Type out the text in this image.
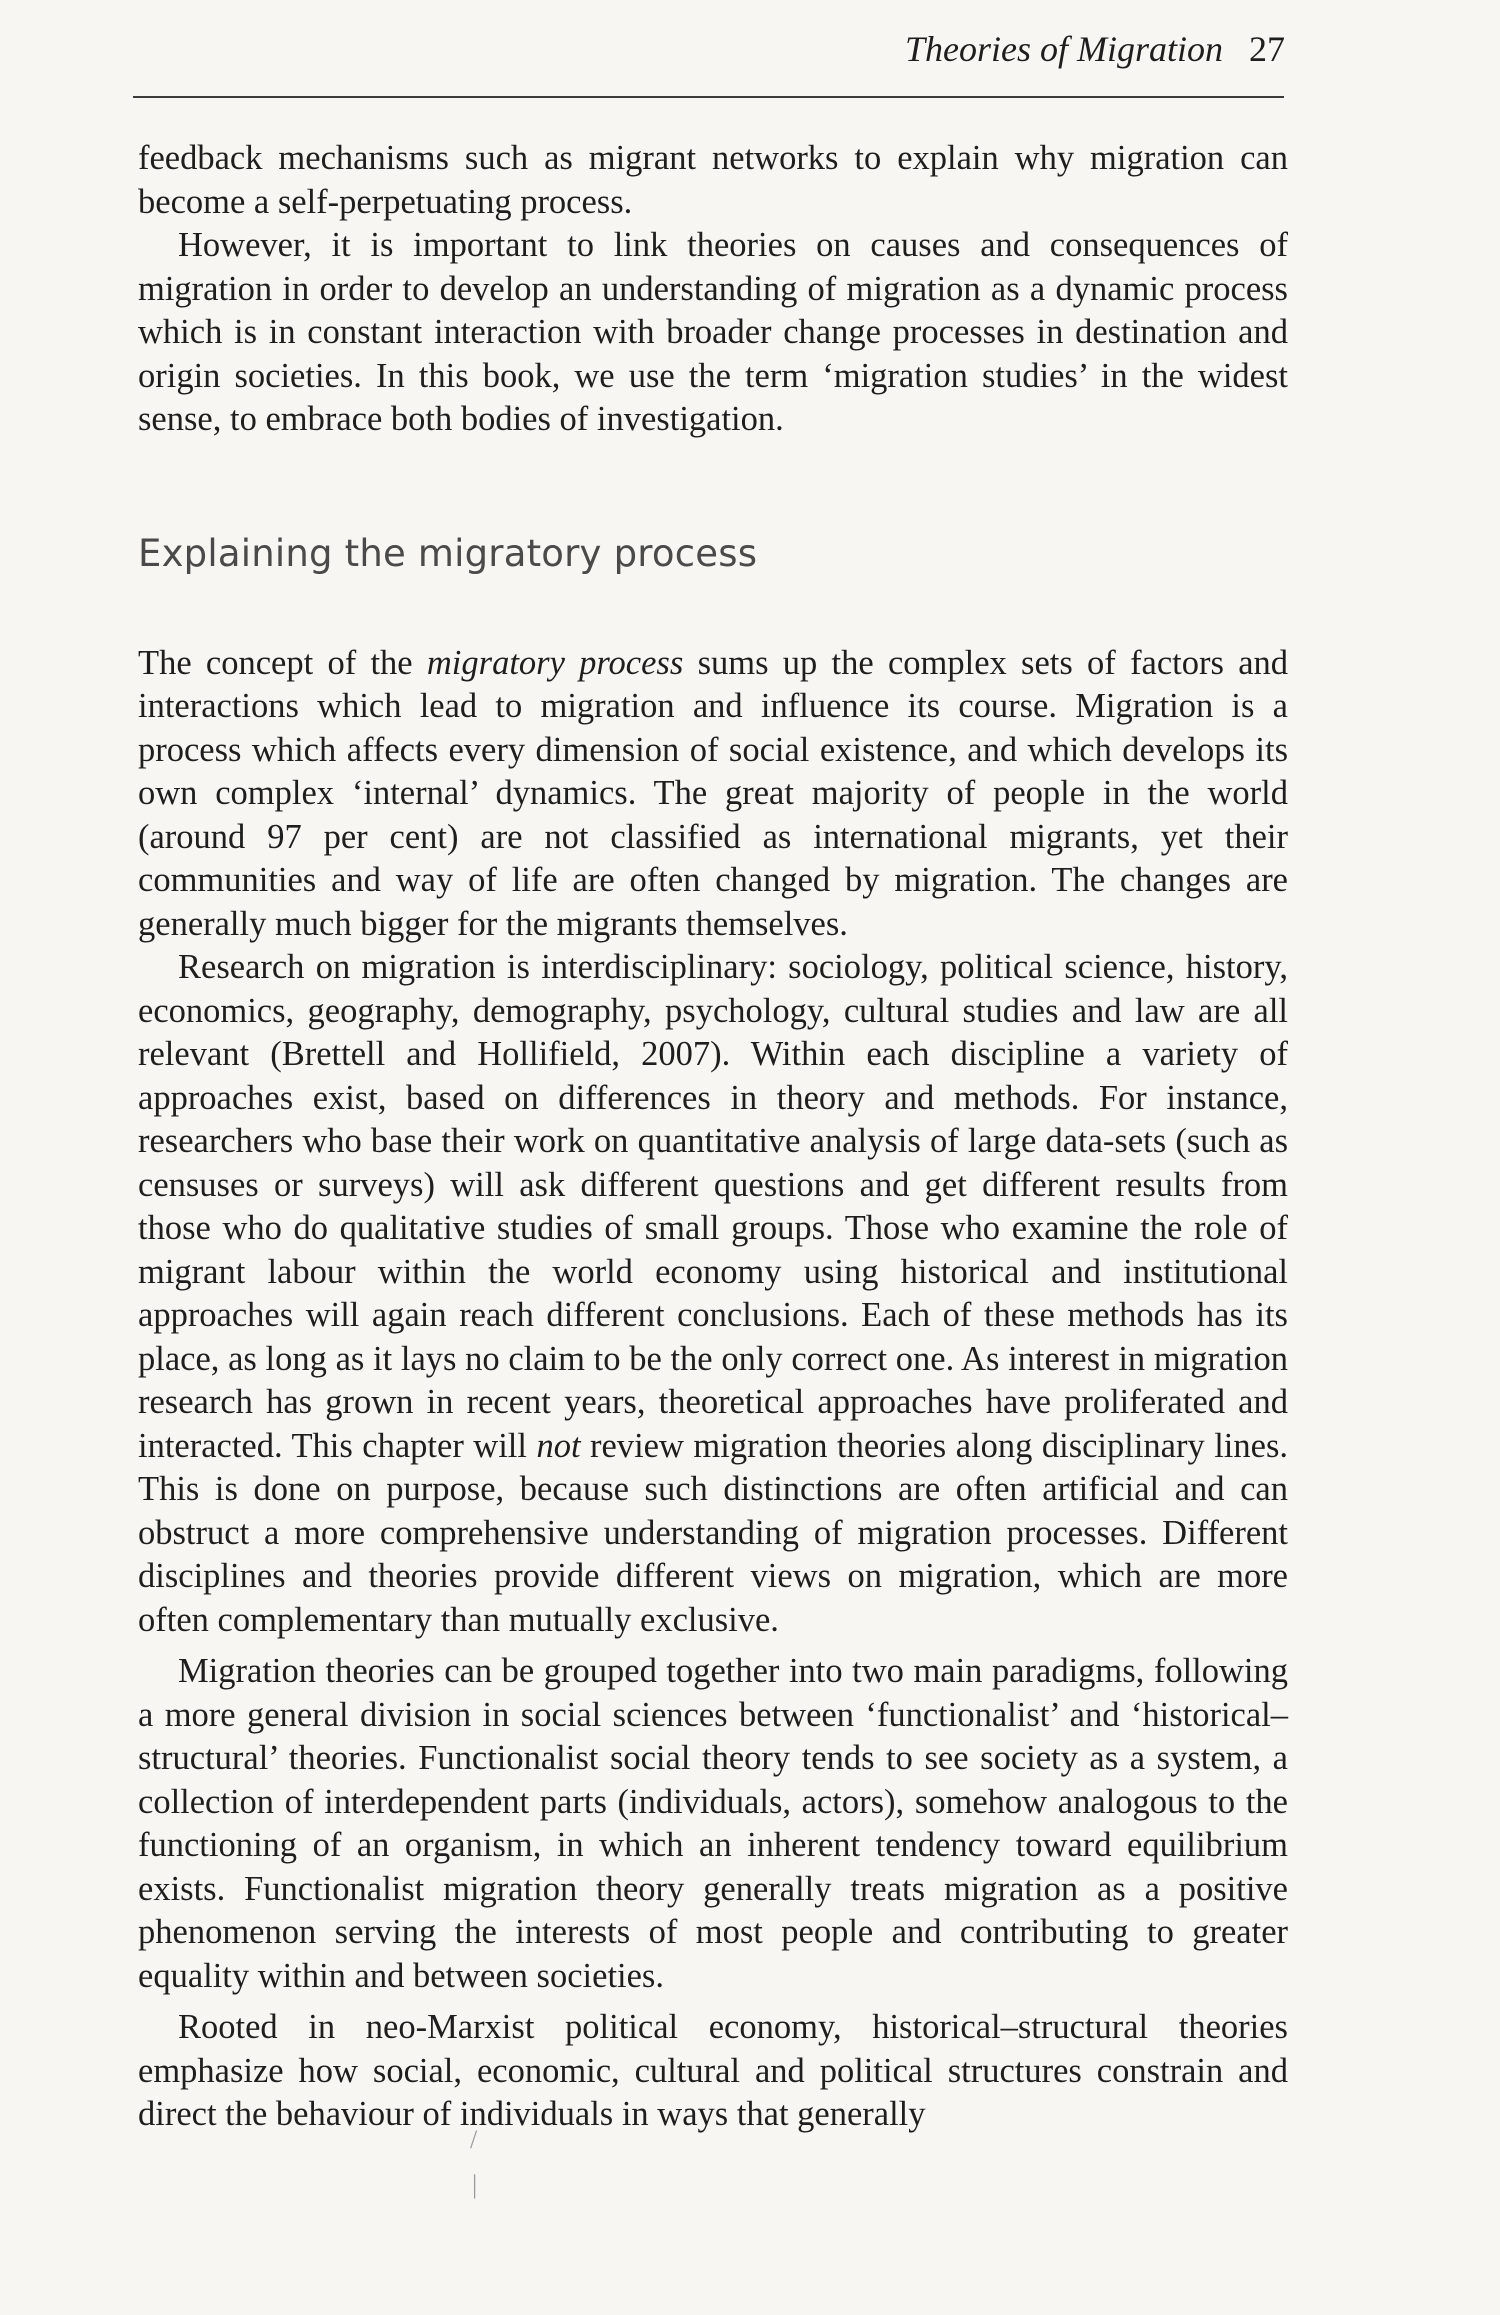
Theories of Migration 27

feedback mechanisms such as migrant networks to explain why migration can become a self-perpetuating process.

However, it is important to link theories on causes and consequences of migration in order to develop an understanding of migration as a dynamic process which is in constant interaction with broader change processes in destination and origin societies. In this book, we use the term ‘migration studies’ in the widest sense, to embrace both bodies of investigation.

Explaining the migratory process

The concept of the migratory process sums up the complex sets of factors and interactions which lead to migration and influence its course. Migration is a process which affects every dimension of social existence, and which develops its own complex ‘internal’ dynamics. The great majority of people in the world (around 97 per cent) are not classified as international migrants, yet their communities and way of life are often changed by migration. The changes are generally much bigger for the migrants themselves.

Research on migration is interdisciplinary: sociology, political science, history, economics, geography, demography, psychology, cultural studies and law are all relevant (Brettell and Hollifield, 2007). Within each discipline a variety of approaches exist, based on differences in theory and methods. For instance, researchers who base their work on quantitative analysis of large data-sets (such as censuses or surveys) will ask different questions and get different results from those who do qualitative studies of small groups. Those who examine the role of migrant labour within the world economy using historical and institutional approaches will again reach different conclusions. Each of these methods has its place, as long as it lays no claim to be the only correct one. As interest in migration research has grown in recent years, theoretical approaches have proliferated and interacted. This chapter will not review migration theories along disciplinary lines. This is done on purpose, because such distinctions are often artificial and can obstruct a more comprehensive understanding of migration processes. Different disciplines and theories provide different views on migration, which are more often complementary than mutually exclusive.

Migration theories can be grouped together into two main paradigms, following a more general division in social sciences between ‘functionalist’ and ‘historical–structural’ theories. Functionalist social theory tends to see society as a system, a collection of interdependent parts (individuals, actors), somehow analogous to the functioning of an organism, in which an inherent tendency toward equilibrium exists. Functionalist migration theory generally treats migration as a positive phenomenon serving the interests of most people and contributing to greater equality within and between societies.

Rooted in neo-Marxist political economy, historical–structural theories emphasize how social, economic, cultural and political structures constrain and direct the behaviour of individuals in ways that generally

/
|
